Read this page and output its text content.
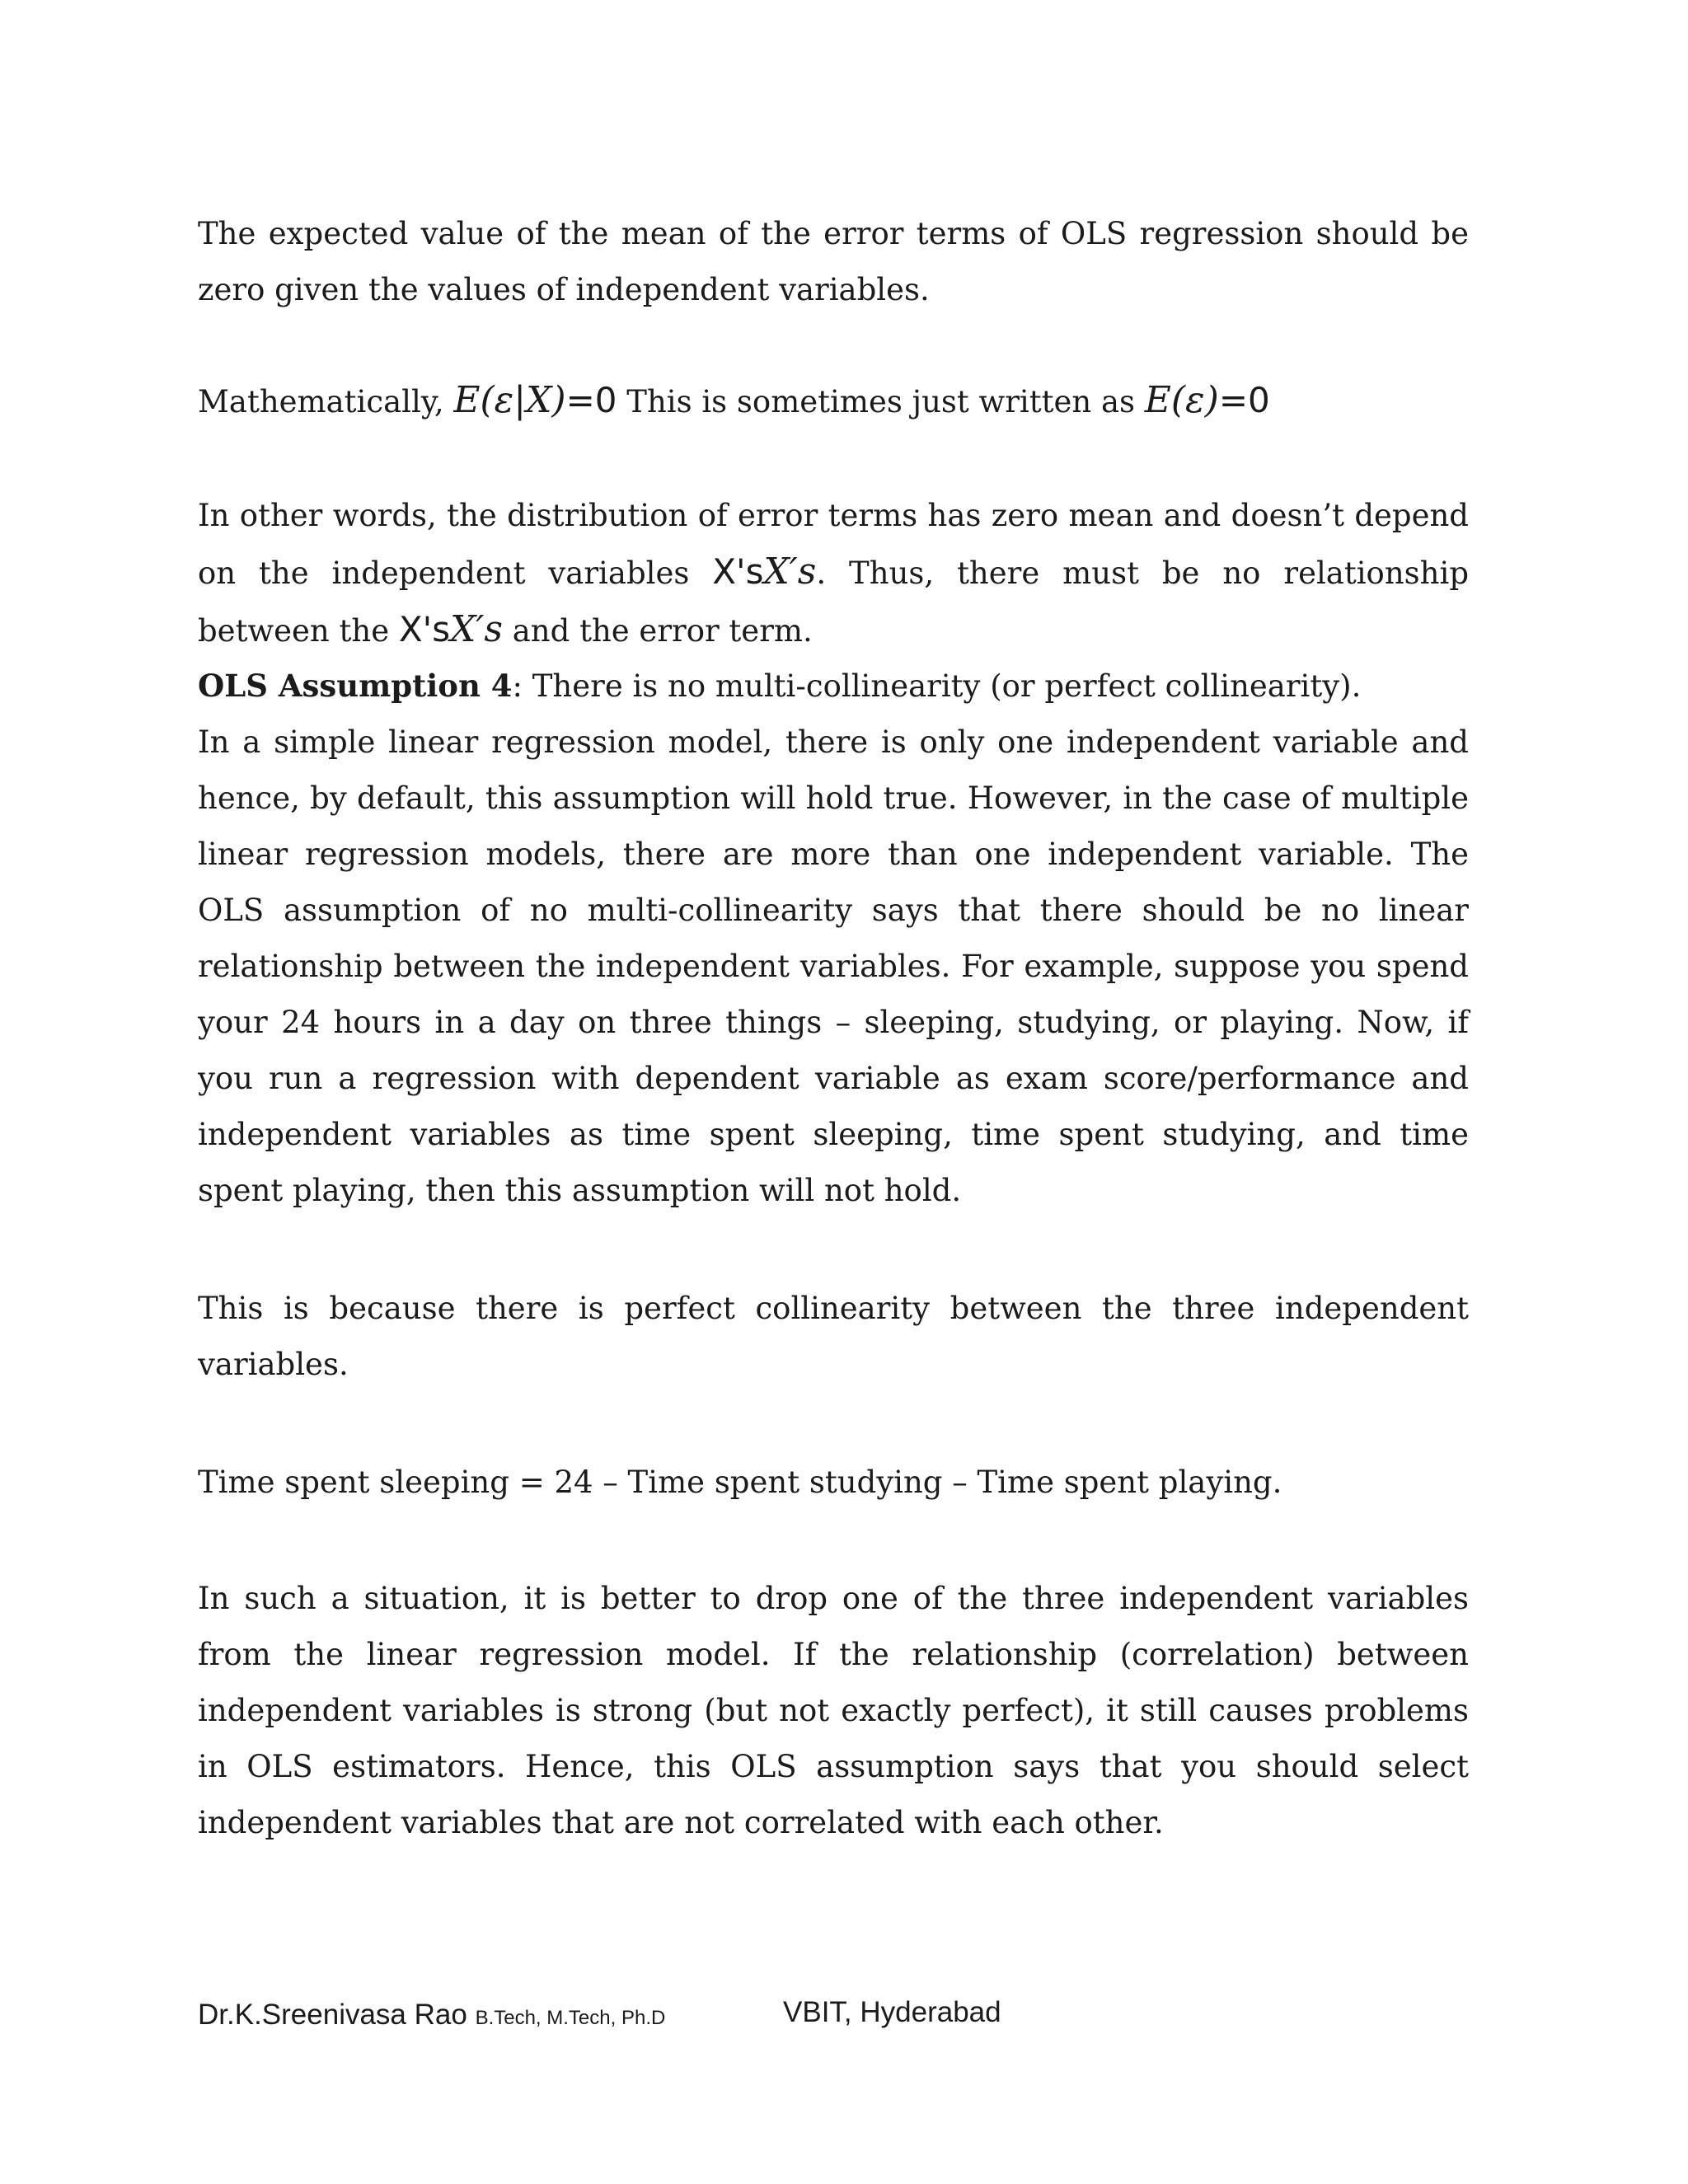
The expected value of the mean of the error terms of OLS regression should be zero given the values of independent variables.

Mathematically, E(ε|X)=0 This is sometimes just written as E(ε)=0

In other words, the distribution of error terms has zero mean and doesn’t depend on the independent variables X'sX′s. Thus, there must be no relationship between the X'sX′s and the error term.

OLS Assumption 4: There is no multi-collinearity (or perfect collinearity).

In a simple linear regression model, there is only one independent variable and hence, by default, this assumption will hold true. However, in the case of multiple linear regression models, there are more than one independent variable. The OLS assumption of no multi-collinearity says that there should be no linear relationship between the independent variables. For example, suppose you spend your 24 hours in a day on three things – sleeping, studying, or playing. Now, if you run a regression with dependent variable as exam score/performance and independent variables as time spent sleeping, time spent studying, and time spent playing, then this assumption will not hold.

This is because there is perfect collinearity between the three independent variables.

Time spent sleeping = 24 – Time spent studying – Time spent playing.

In such a situation, it is better to drop one of the three independent variables from the linear regression model. If the relationship (correlation) between independent variables is strong (but not exactly perfect), it still causes problems in OLS estimators. Hence, this OLS assumption says that you should select independent variables that are not correlated with each other.

Dr.K.Sreenivasa Rao B.Tech, M.Tech, Ph.D	VBIT, Hyderabad
